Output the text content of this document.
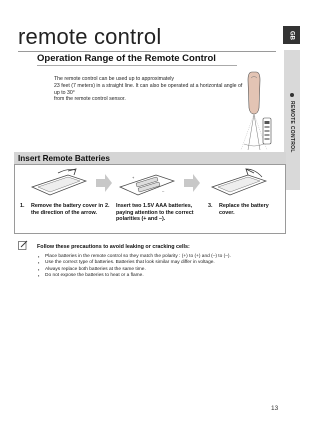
remote control	GB
REMOTE CONTROL
Operation Range of the Remote Control
The remote control can be used up to approximately
23 feet (7 meters) in a straight line. It can also be operated at a horizontal angle of up to 30°
from the remote control sensor.
Insert Remote Batteries
+
–
1. Remove the battery cover in the direction of the arrow.
2. Insert two 1.5V AAA batteries, paying attention to the correct polarities (+ and –).
3. Replace the battery cover.
Follow these precautions to avoid leaking or cracking cells:
▪ Place batteries in the remote control so they match the polarity : (+) to (+) and (–) to (–).
▪ Use the correct type of batteries. Batteries that look similar may differ in voltage.
▪ Always replace both batteries at the same time.
▪ Do not expose the batteries to heat or a flame.
13
